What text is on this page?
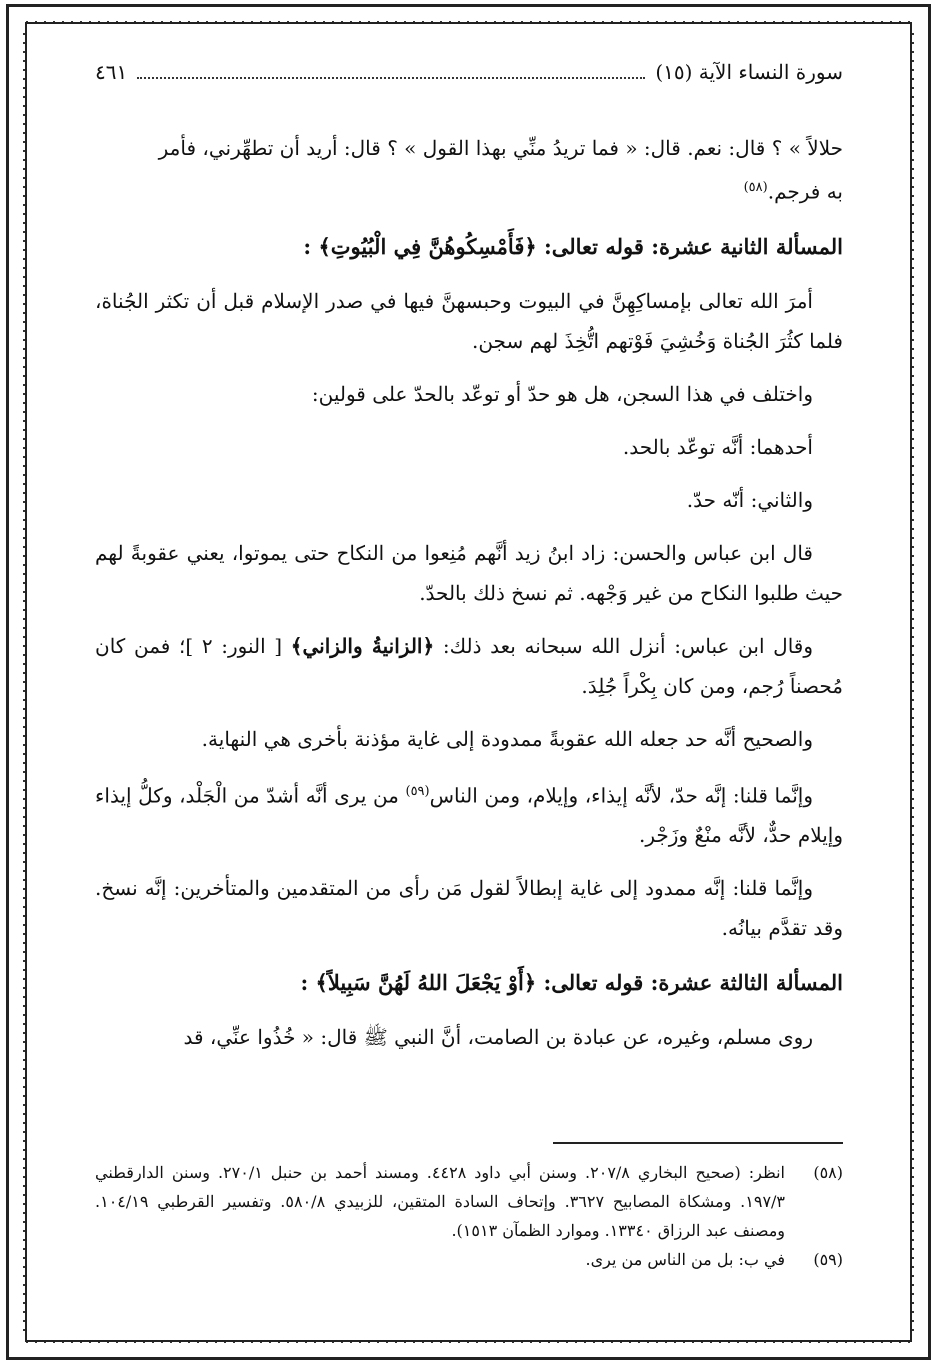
سورة النساء الآية (١٥)
٤٦١

حلالاً » ؟ قال: نعم. قال: « فما تريدُ منِّي بهذا القول » ؟ قال: أريد أن تطهِّرني، فأمر
به فرجم.$^{(٥٨)}$

المسألة الثانية عشرة: قوله تعالى: ﴿فَأَمْسِكُوهُنَّ فِي الْبُيُوتِ﴾ :

أمرَ الله تعالى بإمساكِهِنَّ في البيوت وحبسهنَّ فيها في صدر الإسلام قبل أن تكثر الجُناة، فلما كثُرَ الجُناة وَخُشِيَ فَوْتهم اتُّخِذَ لهم سجن.

واختلف في هذا السجن، هل هو حدّ أو توعّد بالحدّ على قولين:

أحدهما: أنَّه توعّد بالحد.

والثاني: أنّه حدّ.

قال ابن عباس والحسن: زاد ابنُ زيد أنَّهم مُنِعوا من النكاح حتى يموتوا، يعني عقوبةً لهم حيث طلبوا النكاح من غير وَجْهه. ثم نسخ ذلك بالحدّ.

وقال ابن عباس: أنزل الله سبحانه بعد ذلك: ﴿الزانيةُ والزاني﴾ [ النور: ٢ ]؛ فمن كان مُحصناً رُجم، ومن كان بِكْراً جُلِدَ.

والصحيح أنَّه حد جعله الله عقوبةً ممدودة إلى غاية مؤذنة بأخرى هي النهاية.

وإنَّما قلنا: إنَّه حدّ، لأنَّه إيذاء، وإيلام، ومن الناس$^{(٥٩)}$ من يرى أنَّه أشدّ من الْجَلْد، وكلُّ إيذاء وإيلام حدٌّ، لأنَّه منْعٌ وزَجْر.

وإنَّما قلنا: إنَّه ممدود إلى غاية إبطالاً لقول مَن رأى من المتقدمين والمتأخرين: إنَّه نسخ. وقد تقدَّم بيانُه.

المسألة الثالثة عشرة: قوله تعالى: ﴿أَوْ يَجْعَلَ اللهُ لَهُنَّ سَبِيلاً﴾ :

روى مسلم، وغيره، عن عبادة بن الصامت، أنَّ النبي ﷺ قال: « خُذُوا عنِّي، قد

(٥٨)
انظر: (صحيح البخاري ٢٠٧/٨. وسنن أبي داود ٤٤٢٨. ومسند أحمد بن حنبل ٢٧٠/١. وسنن الدارقطني ١٩٧/٣. ومشكاة المصابيح ٣٦٢٧. وإتحاف السادة المتقين، للزبيدي ٥٨٠/٨. وتفسير القرطبي ١٠٤/١٩. ومصنف عبد الرزاق ١٣٣٤٠. وموارد الظمآن ١٥١٣).
(٥٩)
في ب: بل من الناس من يرى.
